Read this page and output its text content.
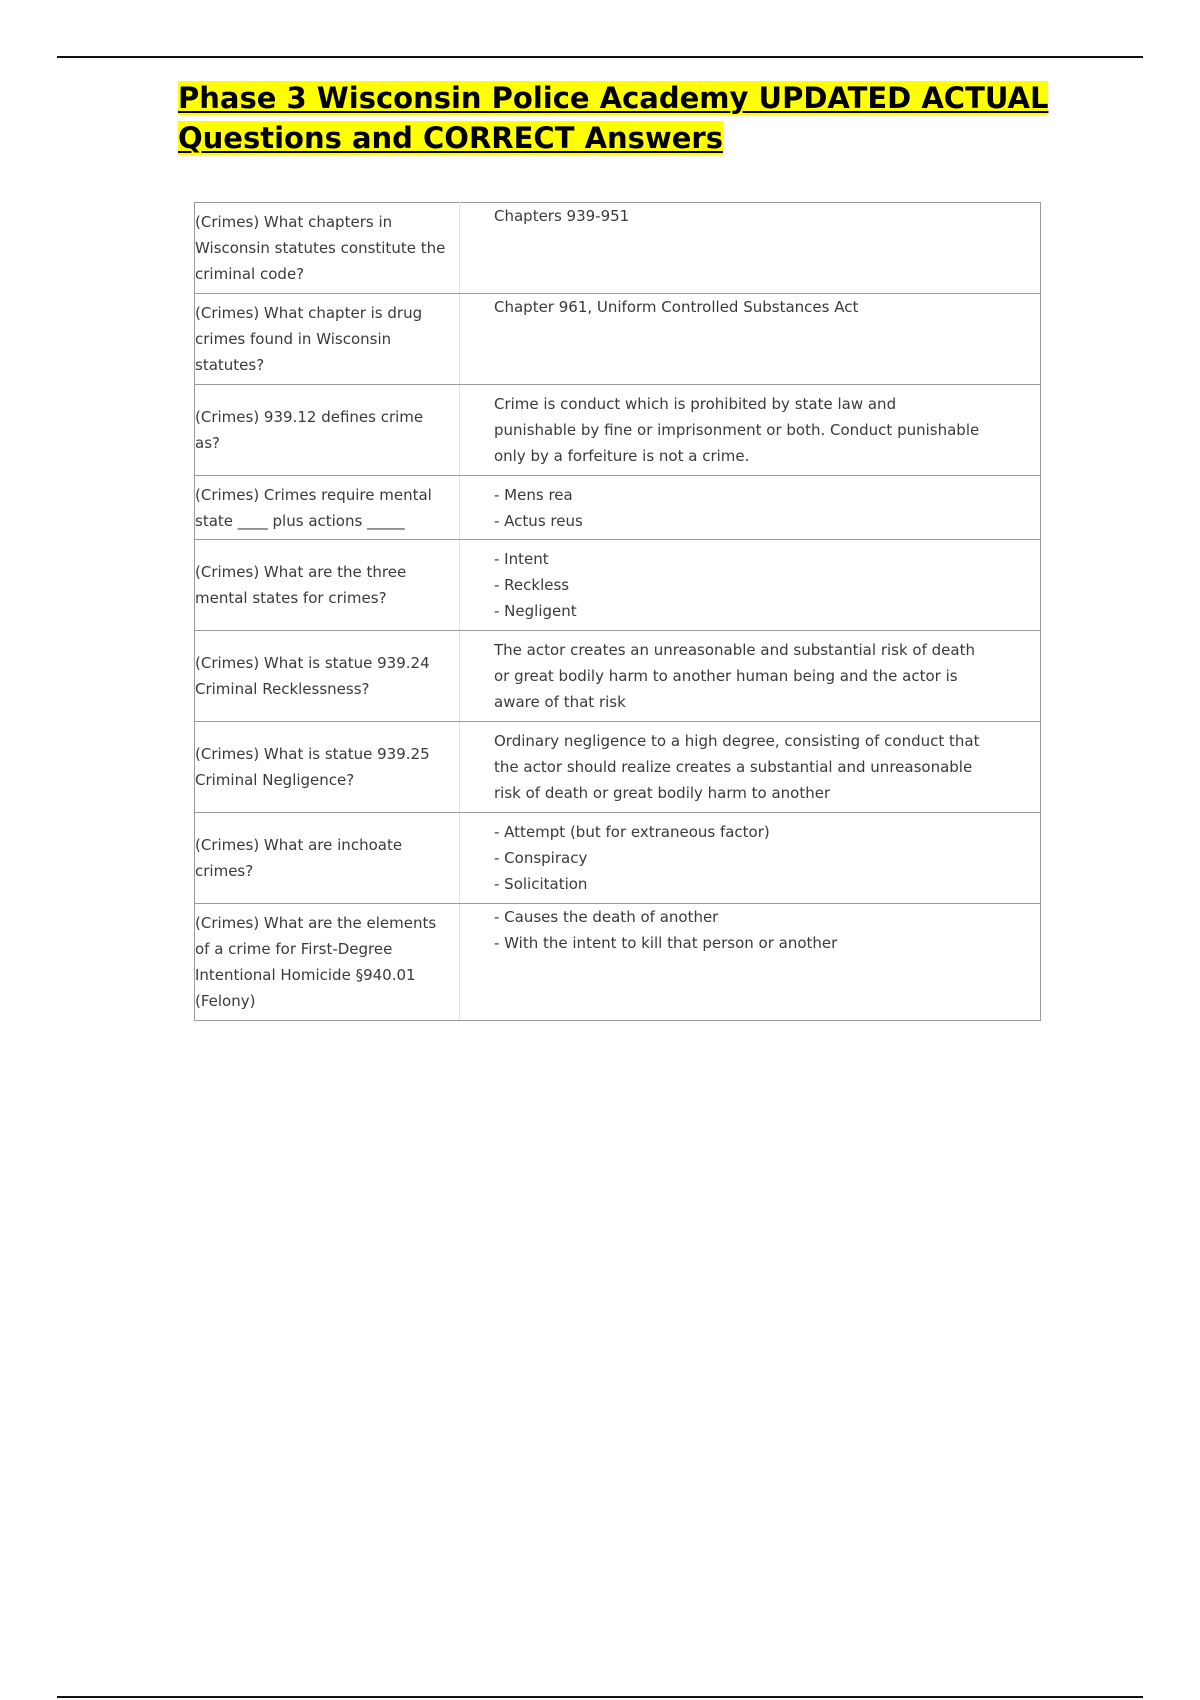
Phase 3 Wisconsin Police Academy UPDATED ACTUAL
Questions and CORRECT Answers
(Crimes) What chapters in Wisconsin statutes constitute the criminal code?	Chapters 939-951

(Crimes) What chapter is drug crimes found in Wisconsin statutes?	Chapter 961, Uniform Controlled Substances Act

(Crimes) 939.12 defines crime as?	Crime is conduct which is prohibited by state law and punishable by fine or imprisonment or both. Conduct punishable only by a forfeiture is not a crime.

(Crimes) Crimes require mental state ____ plus actions _____	- Mens rea
- Actus reus

(Crimes) What are the three mental states for crimes?	- Intent
- Reckless
- Negligent

(Crimes) What is statue 939.24 Criminal Recklessness?	The actor creates an unreasonable and substantial risk of death or great bodily harm to another human being and the actor is aware of that risk

(Crimes) What is statue 939.25 Criminal Negligence?	Ordinary negligence to a high degree, consisting of conduct that the actor should realize creates a substantial and unreasonable risk of death or great bodily harm to another

(Crimes) What are inchoate crimes?	- Attempt (but for extraneous factor)
- Conspiracy
- Solicitation

(Crimes) What are the elements of a crime for First-Degree Intentional Homicide §940.01 (Felony)	- Causes the death of another
- With the intent to kill that person or another
